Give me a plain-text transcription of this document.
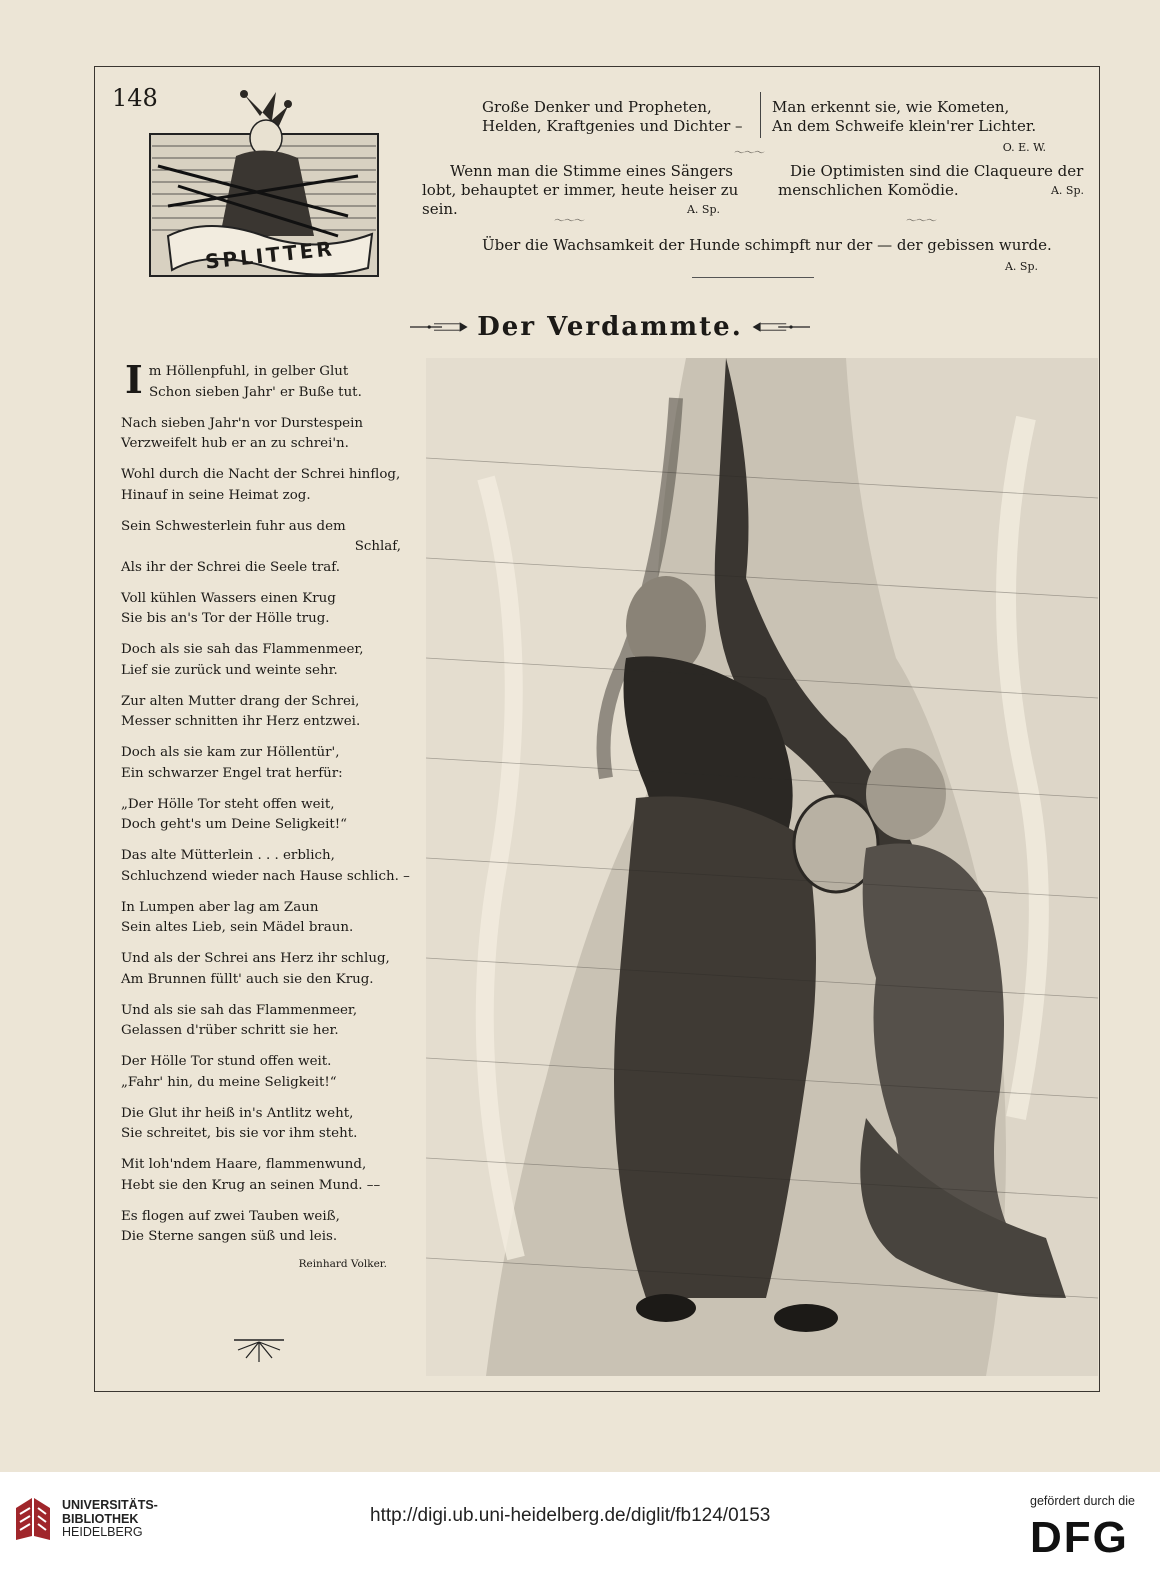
148
SPLITTER
Große Denker und Propheten,
Helden, Kraftgenies und Dichter –
Man erkennt sie, wie Kometen,
An dem Schweife klein'rer Lichter.
O. E. W.
〜〜〜
Wenn man die Stimme eines Sängers
lobt, behauptet er immer, heute heiser zu
sein.	A. Sp.
〜〜〜
Die Optimisten sind die Claqueure der
menschlichen Komödie.	A. Sp.
〜〜〜
Über die Wachsamkeit der Hunde schimpft nur der — der gebissen wurde.
A. Sp.
Der Verdammte.
I m Höllenpfuhl, in gelber Glut
Schon sieben Jahr' er Buße tut.
Nach sieben Jahr'n vor Durstespein
Verzweifelt hub er an zu schrei'n.
Wohl durch die Nacht der Schrei hinflog,
Hinauf in seine Heimat zog.
Sein Schwesterlein fuhr aus dem
Schlaf,
Als ihr der Schrei die Seele traf.
Voll kühlen Wassers einen Krug
Sie bis an's Tor der Hölle trug.
Doch als sie sah das Flammenmeer,
Lief sie zurück und weinte sehr.
Zur alten Mutter drang der Schrei,
Messer schnitten ihr Herz entzwei.
Doch als sie kam zur Höllentür',
Ein schwarzer Engel trat herfür:
„Der Hölle Tor steht offen weit,
Doch geht's um Deine Seligkeit!“
Das alte Mütterlein . . . erblich,
Schluchzend wieder nach Hause schlich. –
In Lumpen aber lag am Zaun
Sein altes Lieb, sein Mädel braun.
Und als der Schrei ans Herz ihr schlug,
Am Brunnen füllt' auch sie den Krug.
Und als sie sah das Flammenmeer,
Gelassen d'rüber schritt sie her.
Der Hölle Tor stund offen weit.
„Fahr' hin, du meine Seligkeit!“
Die Glut ihr heiß in's Antlitz weht,
Sie schreitet, bis sie vor ihm steht.
Mit loh'ndem Haare, flammenwund,
Hebt sie den Krug an seinen Mund. ––
Es flogen auf zwei Tauben weiß,
Die Sterne sangen süß und leis.
Reinhard Volker.
UNIVERSITÄTS-
BIBLIOTHEK
HEIDELBERG
http://digi.ub.uni-heidelberg.de/diglit/fb124/0153
gefördert durch die
DFG
